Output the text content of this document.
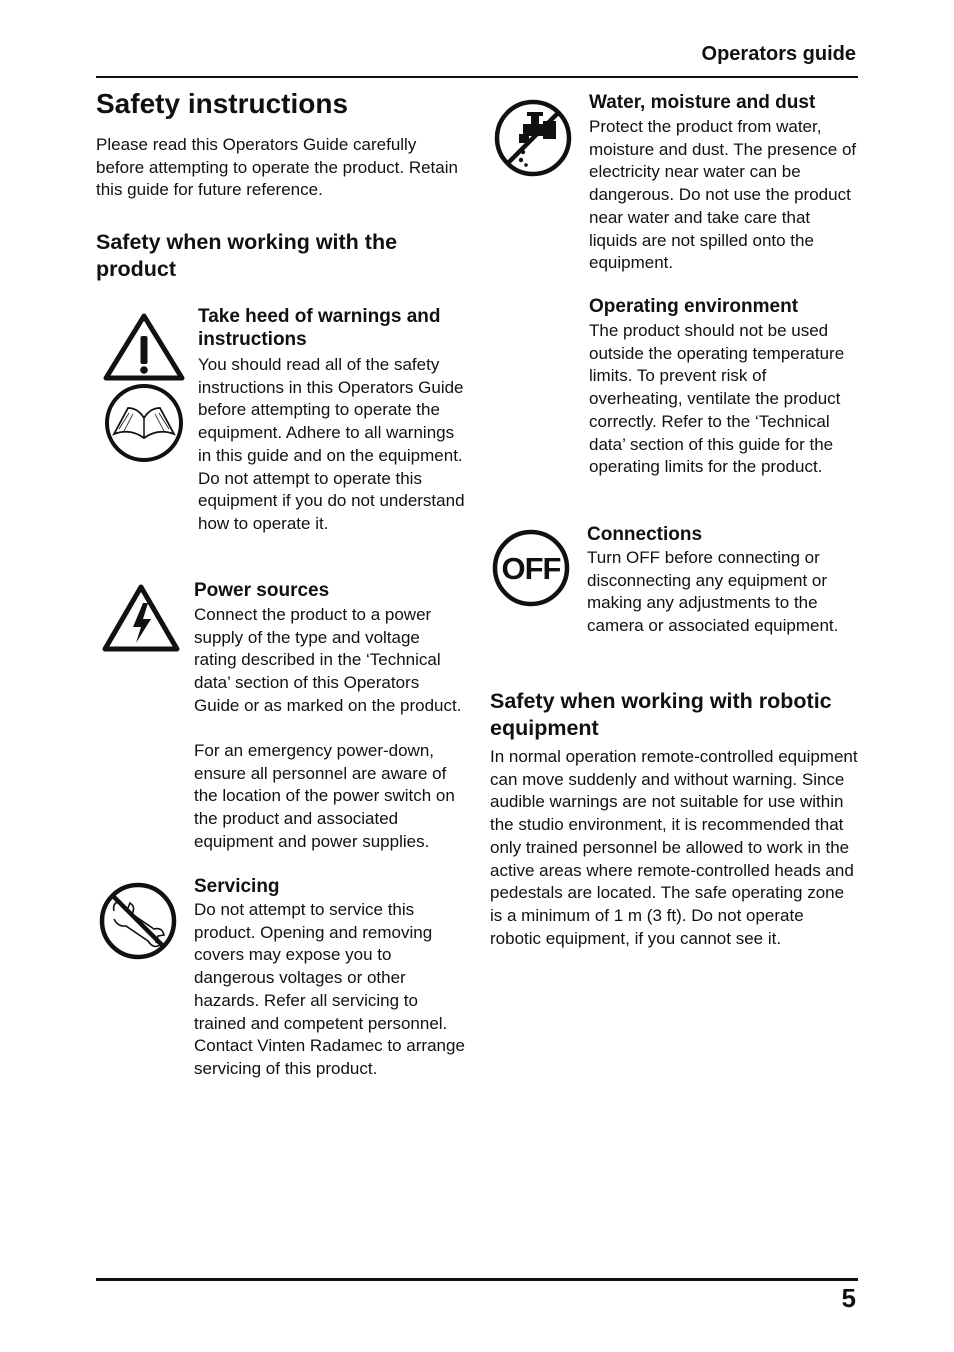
Operators guide
Safety instructions

Please read this Operators Guide carefully before attempting to operate the product. Retain this guide for future reference.

Safety when working with the product
Take heed of warnings and instructions

You should read all of the safety instructions in this Operators Guide before attempting to operate the equipment. Adhere to all warnings in this guide and on the equipment. Do not attempt to operate this equipment if you do not understand how to operate it.

Power sources

Connect the product to a power supply of the type and voltage rating described in the ‘Technical data’ section of this Operators Guide or as marked on the product.

For an emergency power-down, ensure all personnel are aware of the location of the power switch on the product and associated equipment and power supplies.

Servicing

Do not attempt to service this product. Opening and removing covers may expose you to dangerous voltages or other hazards. Refer all servicing to trained and competent personnel. Contact Vinten Radamec to arrange servicing of this product.

Water, moisture and dust

Protect the product from water, moisture and dust. The presence of electricity near water can be dangerous. Do not use the product near water and take care that liquids are not spilled onto the equipment.

Operating environment

The product should not be used outside the operating temperature limits. To prevent risk of overheating, ventilate the product correctly. Refer to the ‘Technical data’ section of this guide for the operating limits for the product.

OFF
Connections

Turn OFF before connecting or disconnecting any equipment or making any adjustments to the camera or associated equipment.

Safety when working with robotic equipment

In normal operation remote-controlled equipment can move suddenly and without warning. Since audible warnings are not suitable for use within the studio environment, it is recommended that only trained personnel be allowed to work in the active areas where remote-controlled heads and pedestals are located. The safe operating zone is a minimum of 1 m (3 ft). Do not operate robotic equipment, if you cannot see it.

5
